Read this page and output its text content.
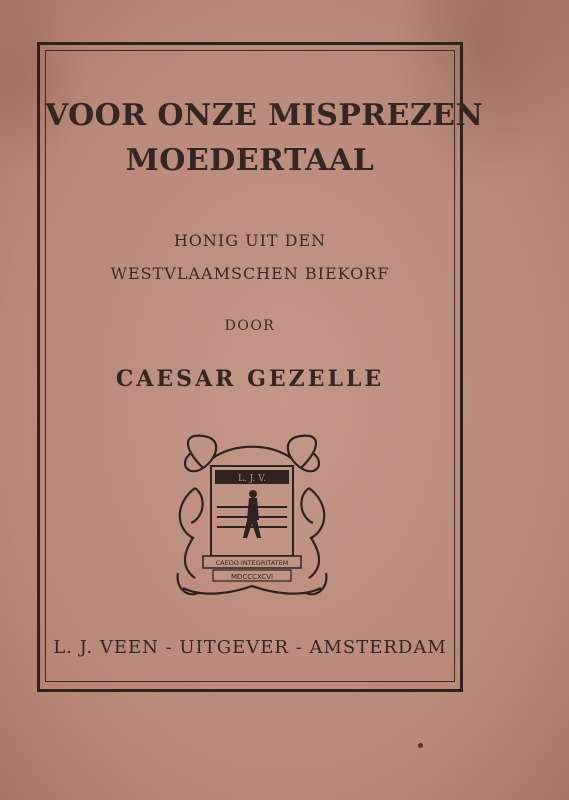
VOOR ONZE MISPREZEN
MOEDERTAAL
HONIG UIT DEN
WESTVLAAMSCHEN BIEKORF
DOOR
CAESAR GEZELLE
L. J. V.
CAEDO INTEGRITATEM
MDCCCXCVI
L. J. VEEN - UITGEVER - AMSTERDAM
